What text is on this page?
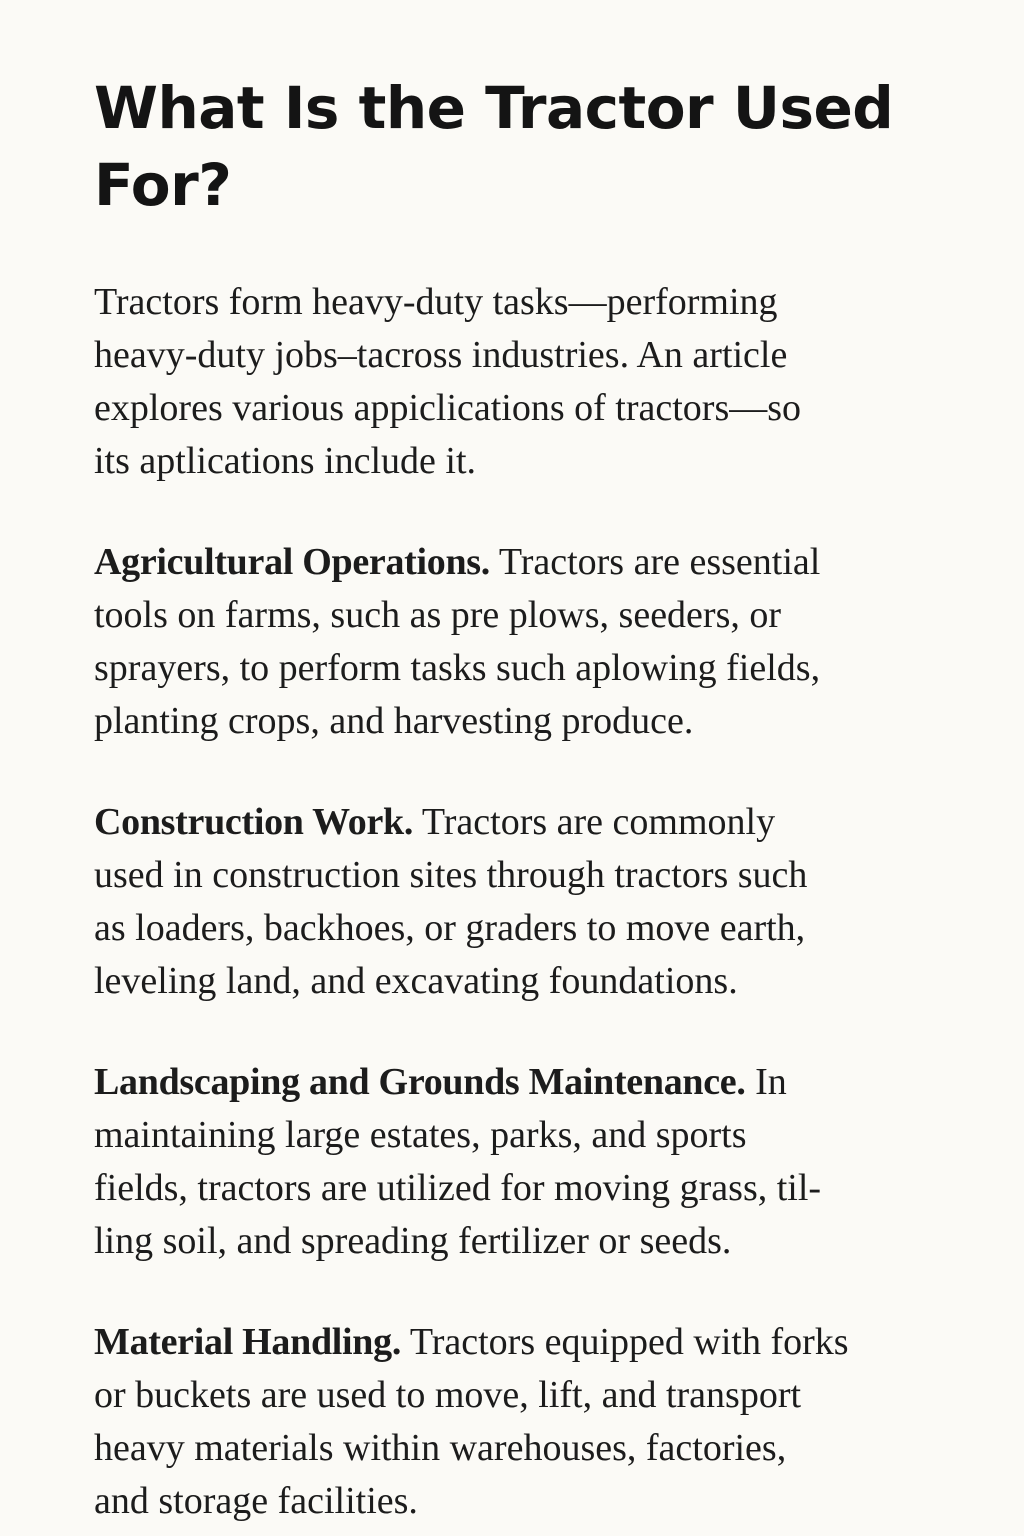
What Is the Tractor Used
For?

Tractors form heavy-duty tasks—performing
heavy-duty jobs–tacross industries. An article
explores various appiclications of tractors—so
its aptlications include it.

Agricultural Operations. Tractors are essential
tools on farms, such as pre plows, seeders, or
sprayers, to perform tasks such aplowing fields,
planting crops, and harvesting produce.

Construction Work. Tractors are commonly
used in construction sites through tractors such
as loaders, backhoes, or graders to move earth,
leveling land, and excavating foundations.

Landscaping and Grounds Maintenance. In
maintaining large estates, parks, and sports
fields, tractors are utilized for moving grass, til-
ling soil, and spreading fertilizer or seeds.

Material Handling. Tractors equipped with forks
or buckets are used to move, lift, and transport
heavy materials within warehouses, factories,
and storage facilities.
